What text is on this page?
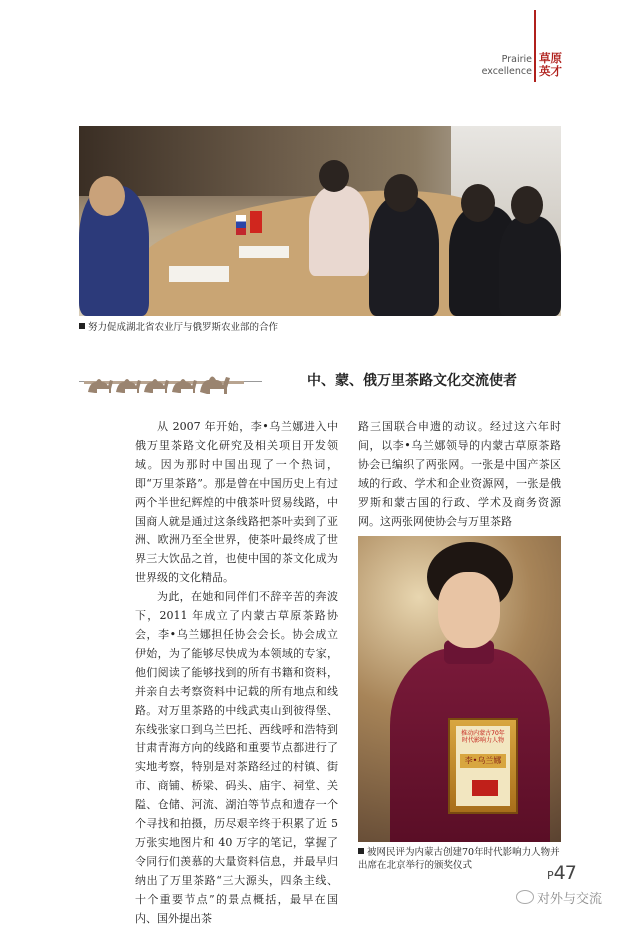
Prairie
excellence
草原
英才
努力促成湖北省农业厅与俄罗斯农业部的合作
中、蒙、俄万里茶路文化交流使者

从 2007 年开始，李•乌兰娜进入中俄万里茶路文化研究及相关项目开发领域。因为那时中国出现了一个热词，即“万里茶路”。那是曾在中国历史上有过两个半世纪辉煌的中俄茶叶贸易线路，中国商人就是通过这条线路把茶叶卖到了亚洲、欧洲乃至全世界，使茶叶最终成了世界三大饮品之首，也使中国的茶文化成为世界级的文化精品。

为此，在她和同伴们不辞辛苦的奔波下，2011 年成立了内蒙古草原茶路协会，李•乌兰娜担任协会会长。协会成立伊始，为了能够尽快成为本领域的专家，他们阅读了能够找到的所有书籍和资料，并亲自去考察资料中记载的所有地点和线路。对万里茶路的中线武夷山到彼得堡、东线张家口到乌兰巴托、西线呼和浩特到甘肃青海方向的线路和重要节点都进行了实地考察，特别是对茶路经过的村镇、街市、商铺、桥梁、码头、庙宇、祠堂、关隘、仓储、河流、湖泊等节点和遗存一个个寻找和拍摄，历尽艰辛终于积累了近 5 万张实地图片和 40 万字的笔记，掌握了令同行们羡慕的大量资料信息，并最早归纳出了万里茶路“三大源头，四条主线、十个重要节点”的景点概括，最早在国内、国外提出茶

路三国联合申遗的动议。经过这六年时间，以李•乌兰娜领导的内蒙古草原茶路协会已编织了两张网。一张是中国产茶区域的行政、学术和企业资源网，一张是俄罗斯和蒙古国的行政、学术及商务资源网。这两张网使协会与万里茶路

推动内蒙古70年时代影响力人物
李•乌兰娜
被网民评为内蒙古创建70年时代影响力人物并出席在北京举行的颁奖仪式
P47
对外与交流
